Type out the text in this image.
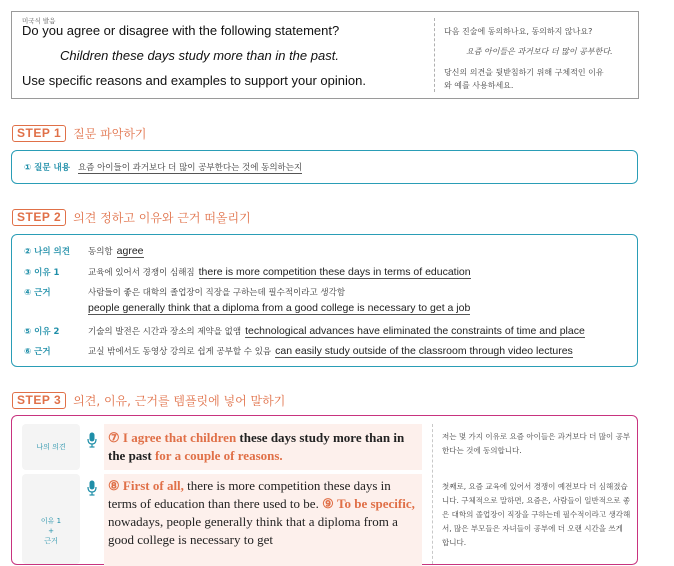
미국식 발음
Do you agree or disagree with the following statement?
Children these days study more than in the past.
Use specific reasons and examples to support your opinion.
다음 진술에 동의하나요, 동의하지 않나요?
요즘 아이들은 과거보다 더 많이 공부한다.
당신의 의견을 뒷받침하기 위해 구체적인 이유
와 예를 사용하세요.
STEP 1	질문 파악하기
① 질문 내용 요즘 아이들이 과거보다 더 많이 공부한다는 것에 동의하는지
STEP 2	의견 정하고 이유와 근거 떠올리기
② 나의 의견	동의함 agree
③ 이유 1	교육에 있어서 경쟁이 심해짐 there is more competition these days in terms of education
④ 근거	사람들이 좋은 대학의 졸업장이 직장을 구하는데 필수적이라고 생각함
people generally think that a diploma from a good college is necessary to get a job
⑤ 이유 2	기술의 발전은 시간과 장소의 제약을 없앰 technological advances have eliminated the constraints of time and place
⑥ 근거	교실 밖에서도 동영상 강의로 쉽게 공부할 수 있음 can easily study outside of the classroom through video lectures
STEP 3	의견, 이유, 근거를 템플릿에 넣어 말하기
나의 의견
이유 1
+
근거
⑦ I agree that children these days study more than in the past for a couple of reasons.
⑧ First of all, there is more competition these days in terms of education than there used to be. ⑨ To be specific, nowadays, people generally think that a diploma from a good college is necessary to get

저는 몇 가지 이유로 요즘 아이들은 과거보다 더 많이 공부한다는 것에 동의합니다.

첫째로, 요즘 교육에 있어서 경쟁이 예전보다 더 심해졌습니다. 구체적으로 말하면, 요즘은, 사람들이 일반적으로 좋은 대학의 졸업장이 직장을 구하는데 필수적이라고 생각해서, 많은 부모들은 자녀들이 공부에 더 오랜 시간을 쓰게 합니다.
